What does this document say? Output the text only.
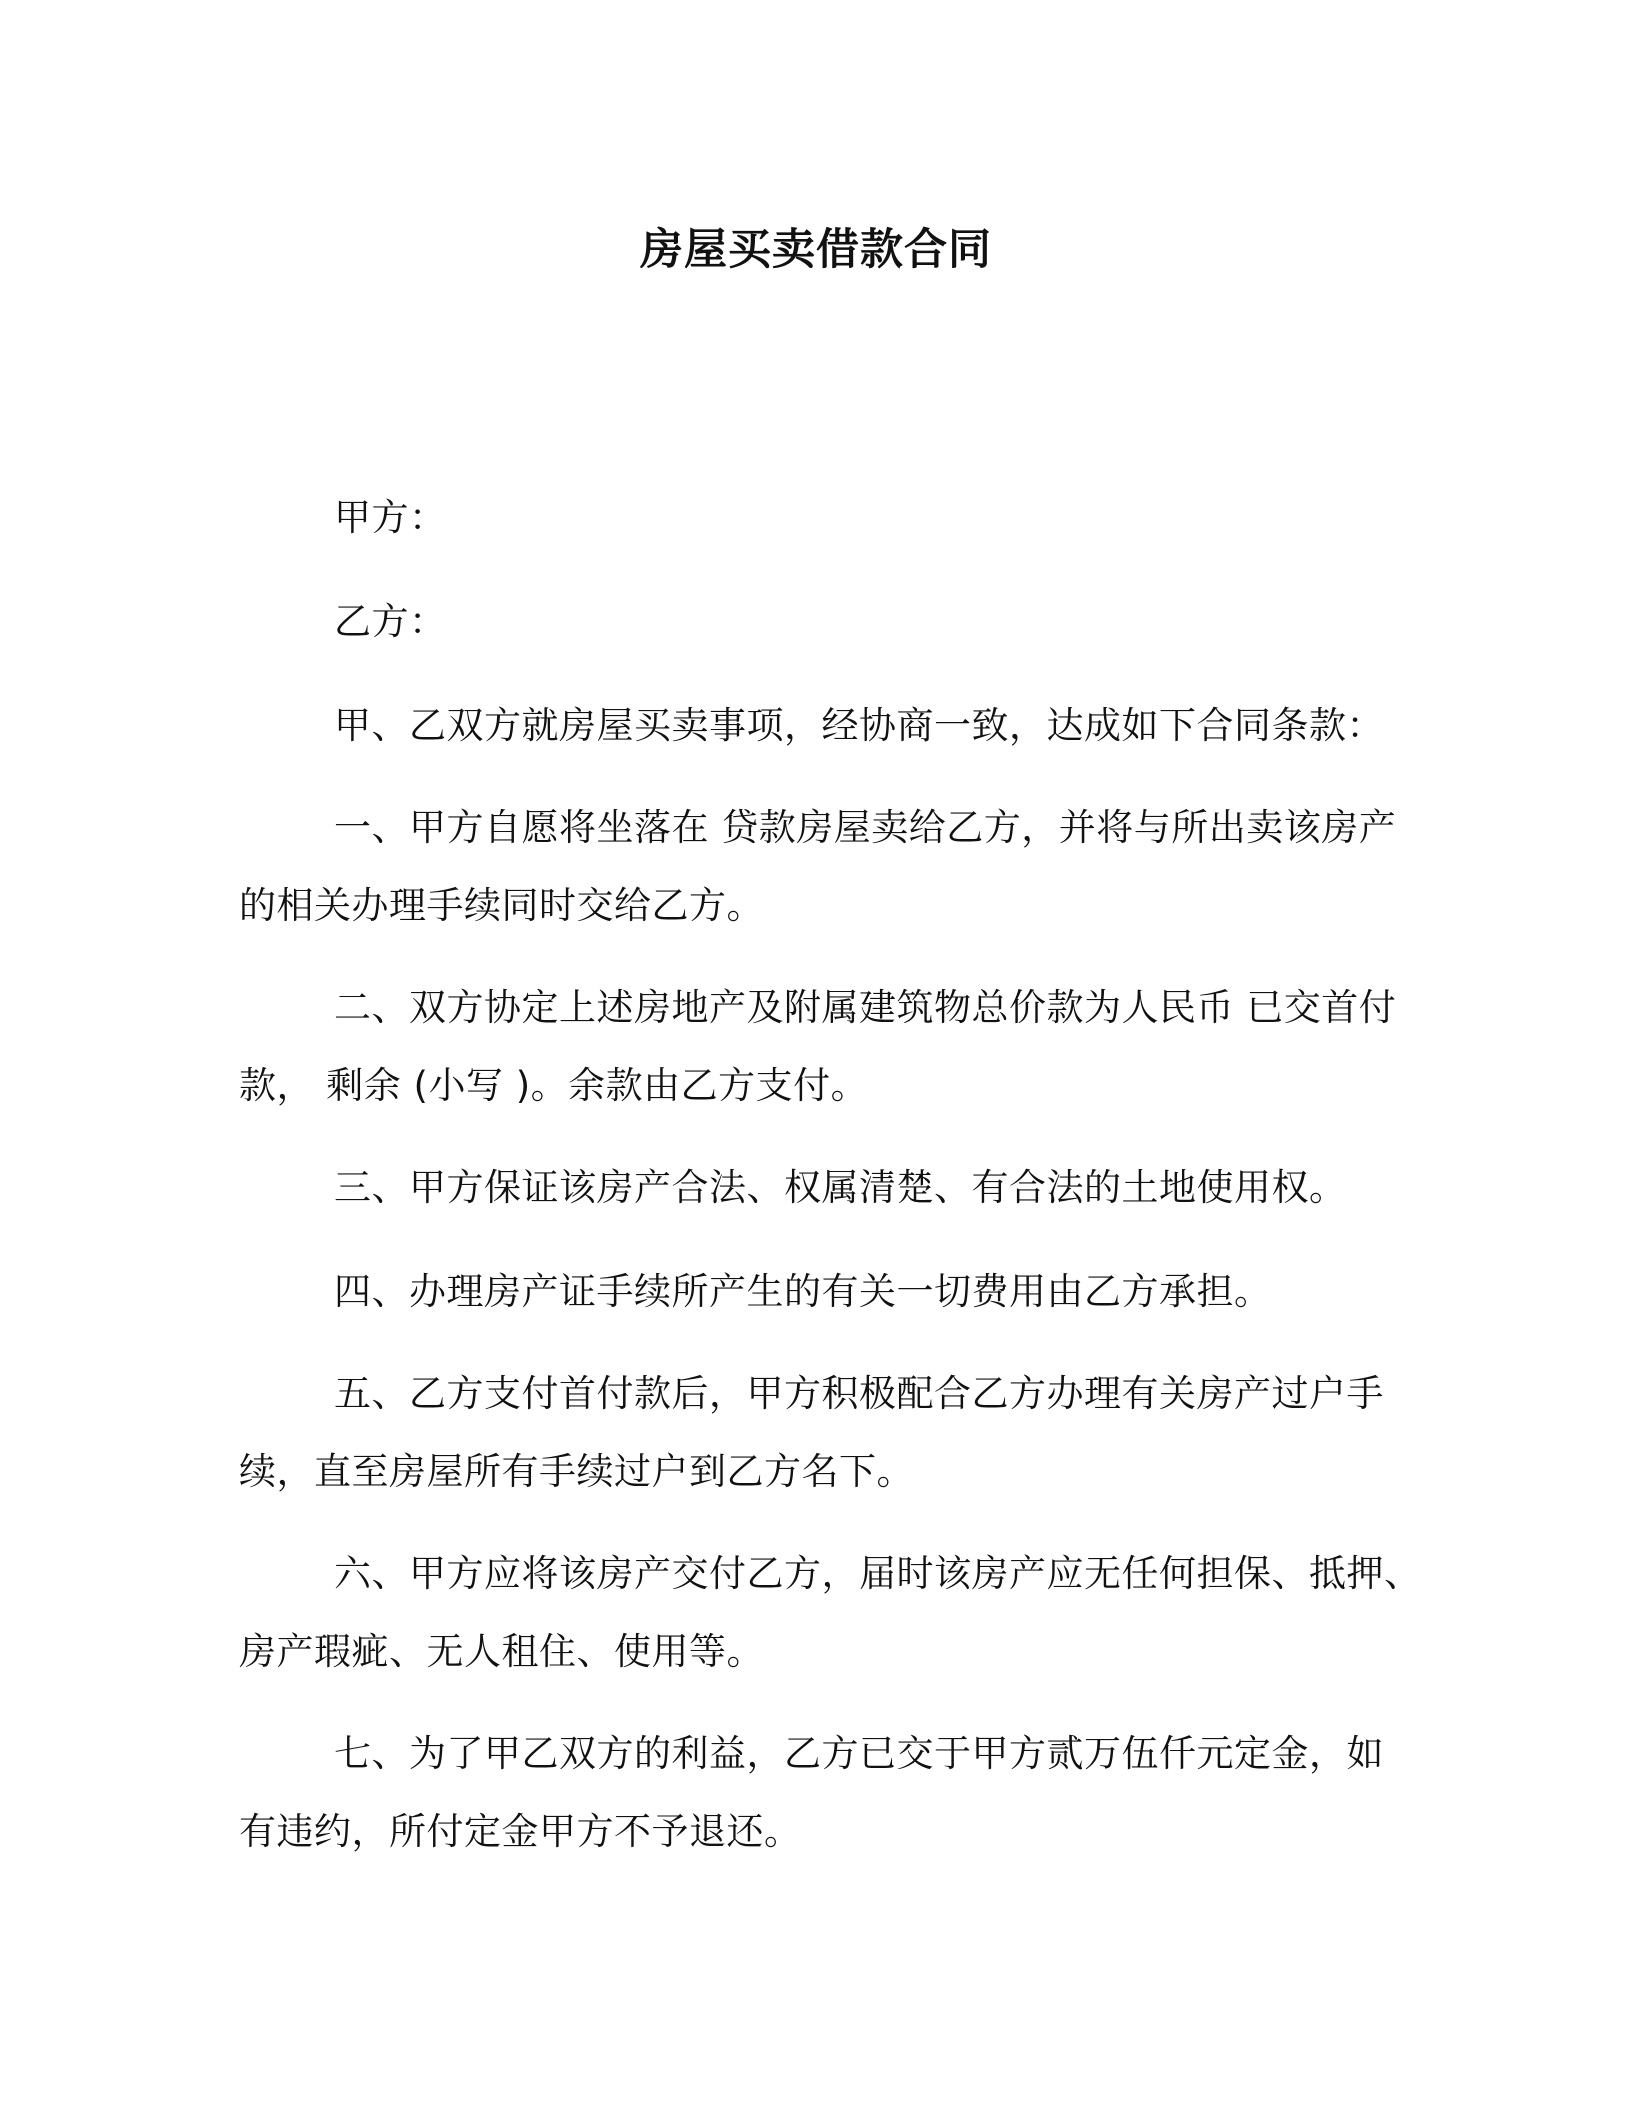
房屋买卖借款合同
甲方：
乙方：
甲、乙双方就房屋买卖事项，经协商一致，达成如下合同条款：
一、甲方自愿将坐落在 贷款房屋卖给乙方，并将与所出卖该房产
的相关办理手续同时交给乙方。
二、双方协定上述房地产及附属建筑物总价款为人民币 已交首付
款， 剩余 (小写 )。余款由乙方支付。
三、甲方保证该房产合法、权属清楚、有合法的土地使用权。
四、办理房产证手续所产生的有关一切费用由乙方承担。
五、乙方支付首付款后，甲方积极配合乙方办理有关房产过户手
续，直至房屋所有手续过户到乙方名下。
六、甲方应将该房产交付乙方，届时该房产应无任何担保、抵押、
房产瑕疵、无人租住、使用等。
七、为了甲乙双方的利益，乙方已交于甲方贰万伍仟元定金，如
有违约，所付定金甲方不予退还。
